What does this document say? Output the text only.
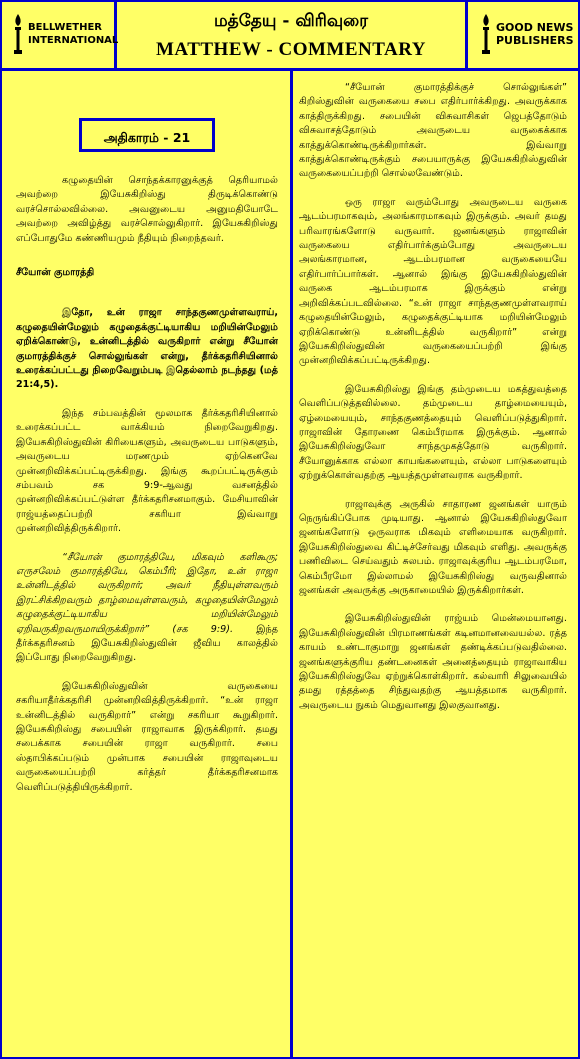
BELLWETHER
INTERNATIONAL
மத்தேயு - விரிவுரை
MATTHEW - COMMENTARY
GOOD NEWS
PUBLISHERS
அதிகாரம் - 21

கழுதையின் சொந்தக்காரனுக்குத் தெரியாமல் அவற்றை இயேசுகிறிஸ்து திருடிக்கொண்டு வரச்சொல்லவில்லை. அவனுடைய அனுமதியோடே அவற்றை அவிழ்த்து வரச்சொல்லுகிறார். இயேசுகிறிஸ்து எப்போதுமே கண்ணியமும் நீதியும் நிறைந்தவர்.

சீயோன் குமாரத்தி

இதோ, உன் ராஜா சாந்தகுணமுள்ளவராய், கழுதையின்மேலும் கழுதைக்குட்டியாகிய மறியின்மேலும் ஏறிக்கொண்டு, உன்னிடத்தில் வருகிறார் என்று சீயோன் குமாரத்திக்குச் சொல்லுங்கள் என்று, தீர்க்கதரிசியினால் உரைக்கப்பட்டது நிறைவேறும்படி இதெல்லாம் நடந்தது (மத் 21:4,5).

இந்த சம்பவத்தின் மூலமாக தீர்க்கதரிசியினால் உரைக்கப்பட்ட வாக்கியம் நிறைவேறுகிறது. இயேசுகிறிஸ்துவின் கிரியைகளும், அவருடைய பாடுகளும், அவருடைய மரணமும் ஏற்கெனவே முன்னறிவிக்கப்பட்டிருக்கிறது. இங்கு கூறப்பட்டிருக்கும் சம்பவம் சக 9:9-ஆவது வசனத்தில் முன்னறிவிக்கப்பட்டுள்ள தீர்க்கதரிசனமாகும். மேசியாவின் ராஜ்யத்தைப்பற்றி சகரியா இவ்வாறு முன்னறிவித்திருக்கிறார்.

“சீயோன் குமாரத்தியே, மிகவும் களிகூரு; எருசலேம் குமாரத்தியே, கெம்பீரி; இதோ, உன் ராஜா உன்னிடத்தில் வருகிறார்; அவர் நீதியுள்ளவரும் இரட்சிக்கிறவரும் தாழ்மையுள்ளவரும், கழுதையின்மேலும் கழுதைக்குட்டியாகிய மறியின்மேலும் ஏறிவருகிறவருமாயிருக்கிறார்” (சக 9:9). இந்த தீர்க்கதரிசனம் இயேசுகிறிஸ்துவின் ஜீவிய காலத்தில் இப்போது நிறைவேறுகிறது.

இயேசுகிறிஸ்துவின் வருகையை சகரியாதீர்க்கதரிசி முன்னறிவித்திருக்கிறார். “உன் ராஜா உன்னிடத்தில் வருகிறார்” என்று சகரியா கூறுகிறார். இயேசுகிறிஸ்து சபையின் ராஜாவாக இருக்கிறார். தமது சபைக்காக சபையின் ராஜா வருகிறார். சபை ஸ்தாபிக்கப்படும் முன்பாக சபையின் ராஜாவுடைய வருகையைப்பற்றி கர்த்தர் தீர்க்கதரிசனமாக வெளிப்படுத்தியிருக்கிறார்.

“சீயோன் குமாரத்திக்குச் சொல்லுங்கள்” கிறிஸ்துவின் வருகையை சபை எதிர்பார்க்கிறது. அவருக்காக காத்திருக்கிறது. சபையின் விசுவாசிகள் ஜெபத்தோடும் விசுவாசத்தோடும் அவருடைய வருகைக்காக காத்துக்கொண்டிருக்கிறார்கள். இவ்வாறு காத்துக்கொண்டிருக்கும் சபையாருக்கு இயேசுகிறிஸ்துவின் வருகையைப்பற்றி சொல்லவேண்டும்.

ஒரு ராஜா வரும்போது அவருடைய வருகை ஆடம்பரமாகவும், அலங்காரமாகவும் இருக்கும். அவர் தமது பரிவாரங்களோடு வருவார். ஜனங்களும் ராஜாவின் வருகையை எதிர்பார்க்கும்போது அவருடைய அலங்காரமான, ஆடம்பரமான வருகையையே எதிர்பார்ப்பார்கள். ஆனால் இங்கு இயேசுகிறிஸ்துவின் வருகை ஆடம்பரமாக இருக்கும் என்று அறிவிக்கப்படவில்லை. “உன் ராஜா சாந்தகுணமுள்ளவராய் கழுதையின்மேலும், கழுதைக்குட்டியாக மறியின்மேலும் ஏறிக்கொண்டு உன்னிடத்தில் வருகிறார்” என்று இயேசுகிறிஸ்துவின் வருகையைப்பற்றி இங்கு முன்னறிவிக்கப்பட்டிருக்கிறது.

இயேசுகிறிஸ்து இங்கு தம்முடைய மகத்துவத்தை வெளிப்படுத்தவில்லை. தம்முடைய தாழ்மையையும், ஏழ்மையையும், சாந்தகுணத்தையும் வெளிப்படுத்துகிறார். ராஜாவின் தோரணை கெம்பீரமாக இருக்கும். ஆனால் இயேசுகிறிஸ்துவோ சாந்தமுகத்தோடு வருகிறார். சீயோனுக்காக எல்லா காயங்களையும், எல்லா பாடுகளையும் ஏற்றுக்கொள்வதற்கு ஆயத்தமுள்ளவராக வருகிறார்.

ராஜாவுக்கு அருகில் சாதாரண ஜனங்கள் யாரும் நெருங்கிப்போக முடியாது. ஆனால் இயேசுகிறிஸ்துவோ ஜனங்களோடு ஒருவராக மிகவும் எளிமையாக வருகிறார். இயேசுகிறிஸ்துவை கிட்டிச்சேர்வது மிகவும் எளிது. அவருக்கு பணிவிடை செய்வதும் சுலபம். ராஜாவுக்குரிய ஆடம்பரமோ, கெம்பீரமோ இல்லாமல் இயேசுகிறிஸ்து வருவதினால் ஜனங்கள் அவருக்கு அருகாமையில் இருக்கிறார்கள்.

இயேசுகிறிஸ்துவின் ராஜ்யம் மென்மையானது. இயேசுகிறிஸ்துவின் பிரமாணங்கள் கடினமானவையல்ல. ரத்த காயம் உண்டாகுமாறு ஜனங்கள் தண்டிக்கப்படுவதில்லை. ஜனங்களுக்குரிய தண்டனைகள் அனைத்தையும் ராஜாவாகிய இயேசுகிறிஸ்துவே ஏற்றுக்கொள்கிறார். கல்வாரி சிலுவையில் தமது ரத்தத்தை சிந்துவதற்கு ஆயத்தமாக வருகிறார். அவருடைய நுகம் மெதுவானது இலகுவானது.
